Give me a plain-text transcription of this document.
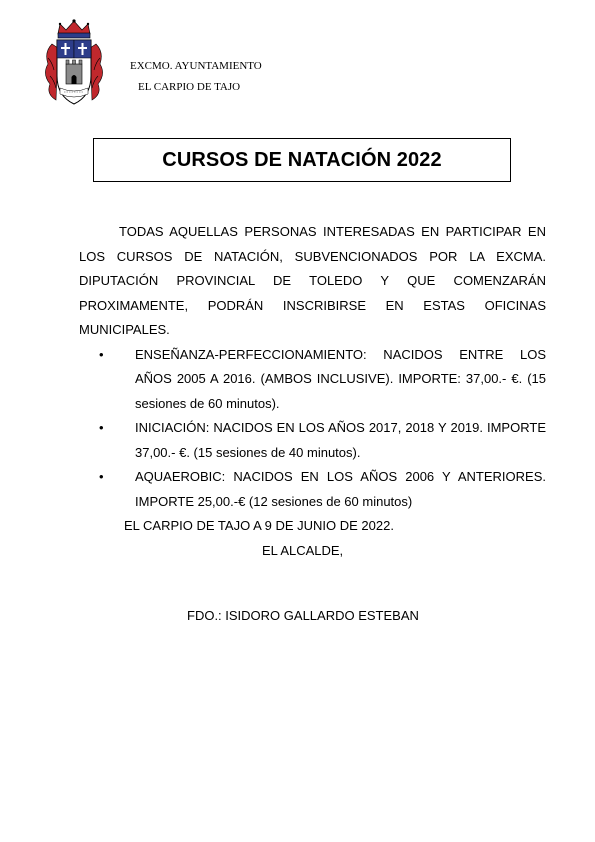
EXCMO. AYUNTAMIENTO
EL CARPIO DE TAJO
CURSOS DE NATACIÓN 2022

TODAS AQUELLAS PERSONAS INTERESADAS EN PARTICIPAR EN LOS CURSOS DE NATACIÓN, SUBVENCIONADOS POR LA EXCMA. DIPUTACIÓN PROVINCIAL DE TOLEDO Y QUE COMENZARÁN PROXIMAMENTE, PODRÁN INSCRIBIRSE EN ESTAS OFICINAS MUNICIPALES.

• ENSEÑANZA-PERFECCIONAMIENTO: NACIDOS ENTRE LOS AÑOS 2005 A 2016. (AMBOS INCLUSIVE). IMPORTE: 37,00.- €. (15 sesiones de 60 minutos).
• INICIACIÓN: NACIDOS EN LOS AÑOS 2017, 2018 Y 2019. IMPORTE 37,00.- €. (15 sesiones de 40 minutos).
• AQUAEROBIC: NACIDOS EN LOS AÑOS 2006 Y ANTERIORES. IMPORTE 25,00.-€ (12 sesiones de 60 minutos)

EL CARPIO DE TAJO A 9 DE JUNIO DE 2022.

EL ALCALDE,

FDO.: ISIDORO GALLARDO ESTEBAN
